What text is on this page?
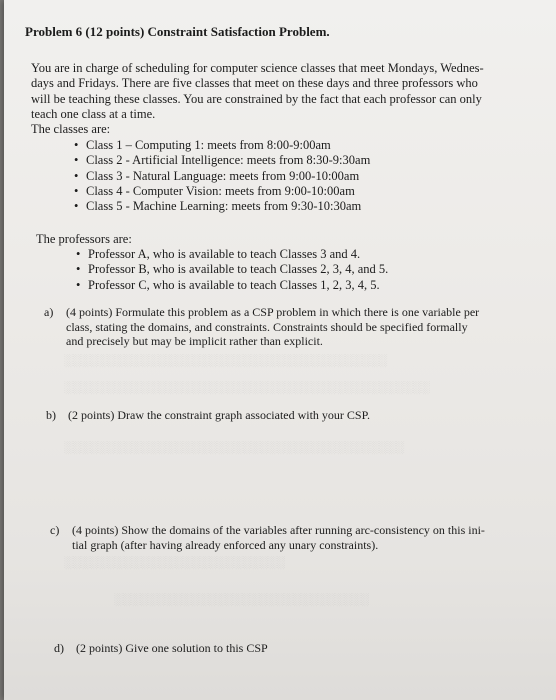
░░░░░░░░░░░░░░░░░░░░░░░░░░░░░░░░░░░░░░
░░░░░░░░░░░░░░░░░░░░░░░░░░░░░░░░░░░░░░░░░░░
░░░░░░░░░░░░░░░░░░░░░░░░░░░░░░░░░░░░░░░░
░░░░░░░░░░░░░░░░░░░░░░░░░░
░░░░░░░░░░░░░░░░░░░░░░░░░░░░░░
Problem 6 (12 points) Constraint Satisfaction Problem.
You are in charge of scheduling for computer science classes that meet Mondays, Wednes-
days and Fridays. There are five classes that meet on these days and three professors who
will be teaching these classes. You are constrained by the fact that each professor can only
teach one class at a time.
The classes are:
• Class 1 – Computing 1: meets from 8:00-9:00am
• Class 2 - Artificial Intelligence: meets from 8:30-9:30am
• Class 3 - Natural Language: meets from 9:00-10:00am
• Class 4 - Computer Vision: meets from 9:00-10:00am
• Class 5 - Machine Learning: meets from 9:30-10:30am
The professors are:
• Professor A, who is available to teach Classes 3 and 4.
• Professor B, who is available to teach Classes 2, 3, 4, and 5.
• Professor C, who is available to teach Classes 1, 2, 3, 4, 5.
a) (4 points) Formulate this problem as a CSP problem in which there is one variable per
class, stating the domains, and constraints. Constraints should be specified formally
and precisely but may be implicit rather than explicit.
b) (2 points) Draw the constraint graph associated with your CSP.
c) (4 points) Show the domains of the variables after running arc-consistency on this ini-
tial graph (after having already enforced any unary constraints).
d) (2 points) Give one solution to this CSP
